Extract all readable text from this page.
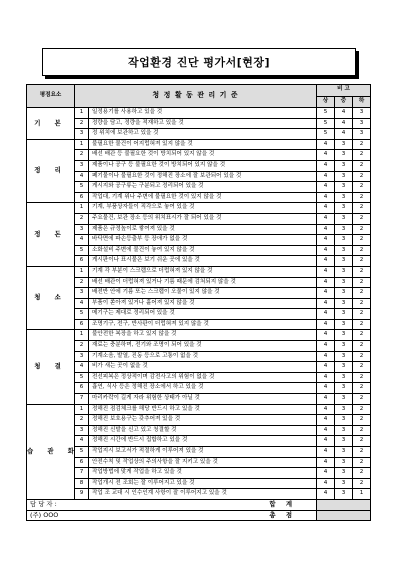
작업환경 진단 평가서[현장]
평점요소	청 정 활 동 관 리 기 준		비 고		
			상	중	하
기 본	1	일정용기를 사용하고 있을 것	5	4	3
	2	정량을 담고, 정량을 적재하고 있을 것	5	4	3
	3	정 위치에 보관하고 있을 것	5	4	3
정 리	1	불필요한 물건이 어지럽혀져 있지 않을 것	4	3	2
	2	배선 배관 등 불필요한 것이 방치되어 있지 않을 것	4	3	2
	3	제품이나 공구 등 불필요한 것이 방치되어 있지 않을 것	4	3	2
	4	폐기물이나 불필요한 것이 정해진 장소에 잘 보관되어 있을 것	4	3	2
	5	게시지와 공구류는 구분되고 정리되어 있을 것	4	3	2
	6	작업대, 기계 위나 주변에 불필요한 것이 있지 않을 것	4	3	2
정 돈	1	기계, 부품상자들이 직각으로 놓여 있을 것	4	3	2
	2	주요물건, 보관 장소 등의 위치표시가 잘 되어 있을 것	4	3	2
	3	제품은 규정높이로 쌓여져 있을 것	4	3	2
	4	바닥면에 파손등출부 등 장애가 없을 것	4	3	2
	5	소화설비 주변에 물건이 놓여 있지 않을 것	4	3	2
	6	게시판이나 표시물은 보기 쉬운 곳에 있을 것	4	3	2
청 소	1	기계 각 부분이 스크랩으로 더럽혀져 있지 않을 것	4	3	2
	2	배선 배관이 더럽혀져 있거나 기름 때문에 검쳐되지 않을 것	4	3	2
	3	배전반 안에 기름 또는 스크랩이 오물이 있지 않을 것	4	3	2
	4	부품이 쏟아져 있거나 흩어져 있지 않을 것	4	3	2
	5	메기구는 제대로 정리되어 있을 것	4	3	2
	6	조명기구, 전구, 반사판이 더럽혀져 있지 않을 것	4	3	2
청 결	1	불안전한 복장을 하고 있지 않을 것	4	3	2
	2	재료는 충분하며, 전기와 조명이 되어 있을 것	4	3	2
	3	기계소음, 발열, 진동 등으로 고통이 없을 것	4	3	2
	4	비가 새는 곳이 없을 것	4	3	2
	5	전선피복은 정상적이며 감전사고의 위험이 없을 것	4	3	2
	6	흡연, 식사 등은 정해진 장소에서 하고 있을 것	4	3	2
	7	마리카락이 길게 자라 위험한 상태가 아닐 것	4	3	2
습 관 화	1	정해진 점검체크를 해당 반드시 하고 있을 것	4	3	2
	2	정해진 보호용구는 갖추어져 있을 것	4	3	2
	3	정해진 신발을 신고 있고 청결할 것	4	3	2
	4	정해진 시간에 반드시 집합하고 있을 것	4	3	2
	5	작업지시 보고서가 적절하게 이루어져 있을 것	4	3	2
	6	안전수칙 및 작업상의 주의사항을 잘 지키고 있을 것	4	3	2
	7	작업방법에 맞게 작업을 하고 있을 것	4	3	2
	8	작업개시 전 조회는 잘 이루어지고 있을 것	4	3	2
	9	작업 조 교대 시 인수인계 사항이 잘 이루어지고 있을 것	4	3	1
담 당 자 :		합 계			
(주) OOO		총 점			
